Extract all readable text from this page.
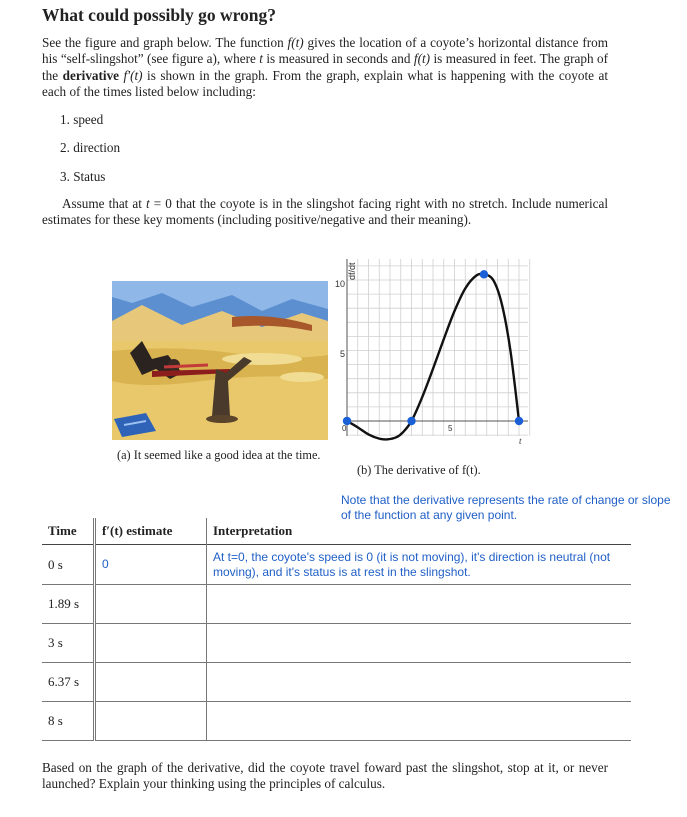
What could possibly go wrong?

See the figure and graph below. The function f(t) gives the location of a coyote’s horizontal distance from his “self-slingshot” (see figure a), where t is measured in seconds and f(t) is measured in feet. The graph of the derivative f′(t) is shown in the graph. From the graph, explain what is happening with the coyote at each of the times listed below including:

1. speed

2. direction

3. Status

Assume that at t = 0 that the coyote is in the slingshot facing right with no stretch. Include numerical estimates for these key moments (including positive/negative and their meaning).

(a) It seemed like a good idea at the time.

df/dt
10
5
0	5
t

(b) The derivative of f(t).

Note that the derivative represents the rate of change or slope of the function at any given point.

Time	f′(t) estimate	Interpretation
0 s	0	At t=0, the coyote's speed is 0 (it is not moving), it's direction is neutral (not moving), and it's status is at rest in the slingshot.
1.89 s		
3 s		
6.37 s		
8 s		

Based on the graph of the derivative, did the coyote travel foward past the slingshot, stop at it, or never launched? Explain your thinking using the principles of calculus.
